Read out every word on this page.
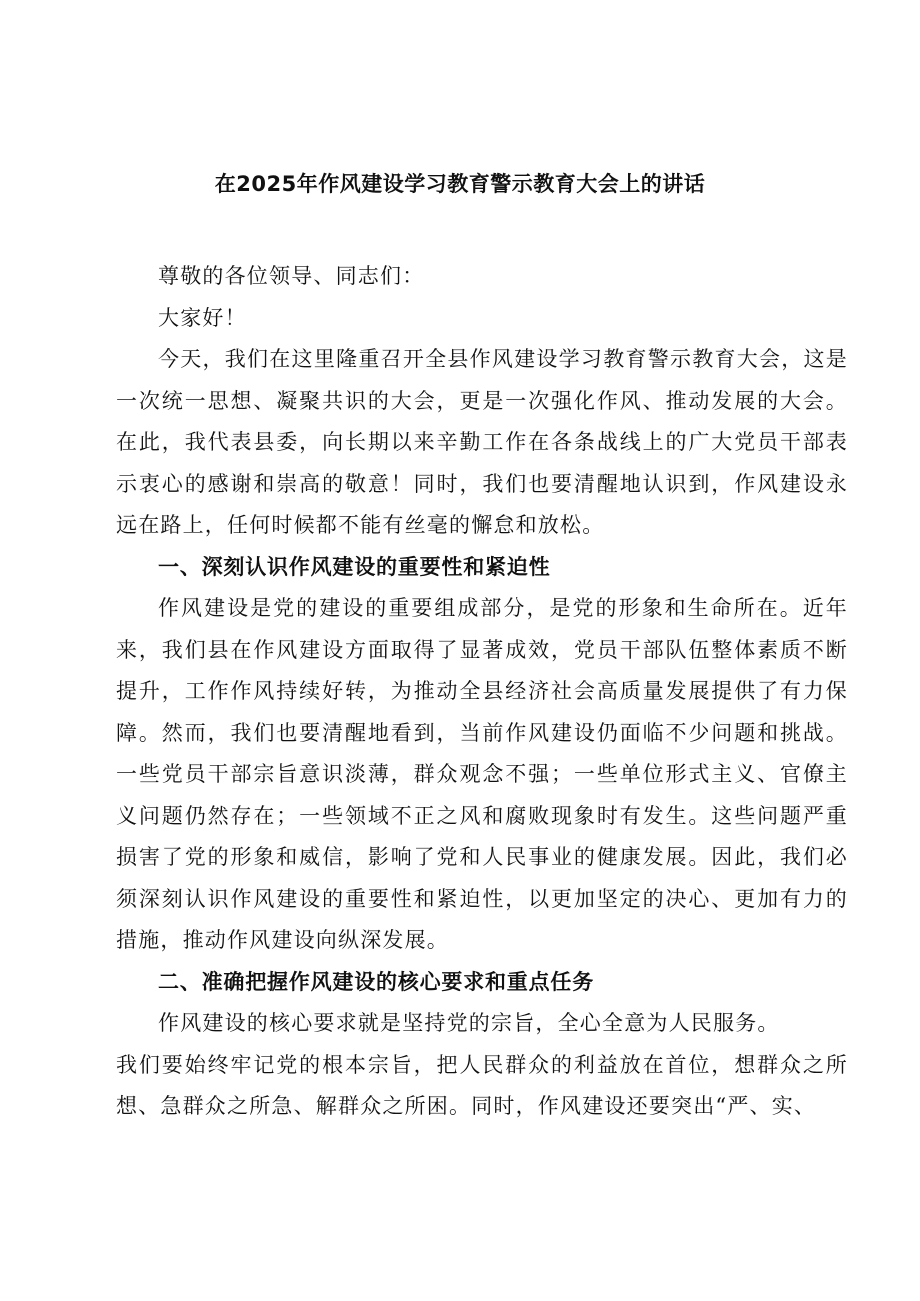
在2025年作风建设学习教育警示教育大会上的讲话

尊敬的各位领导、同志们：

大家好！

今天，我们在这里隆重召开全县作风建设学习教育警示教育大会，这是一次统一思想、凝聚共识的大会，更是一次强化作风、推动发展的大会。在此，我代表县委，向长期以来辛勤工作在各条战线上的广大党员干部表示衷心的感谢和崇高的敬意！同时，我们也要清醒地认识到，作风建设永远在路上，任何时候都不能有丝毫的懈怠和放松。

一、深刻认识作风建设的重要性和紧迫性

作风建设是党的建设的重要组成部分，是党的形象和生命所在。近年来，我们县在作风建设方面取得了显著成效，党员干部队伍整体素质不断提升，工作作风持续好转，为推动全县经济社会高质量发展提供了有力保障。然而，我们也要清醒地看到，当前作风建设仍面临不少问题和挑战。一些党员干部宗旨意识淡薄，群众观念不强；一些单位形式主义、官僚主义问题仍然存在；一些领域不正之风和腐败现象时有发生。这些问题严重损害了党的形象和威信，影响了党和人民事业的健康发展。因此，我们必须深刻认识作风建设的重要性和紧迫性，以更加坚定的决心、更加有力的措施，推动作风建设向纵深发展。

二、准确把握作风建设的核心要求和重点任务

作风建设的核心要求就是坚持党的宗旨，全心全意为人民服务。

我们要始终牢记党的根本宗旨，把人民群众的利益放在首位，想群众之所想、急群众之所急、解群众之所困。同时，作风建设还要突出“严、实、
